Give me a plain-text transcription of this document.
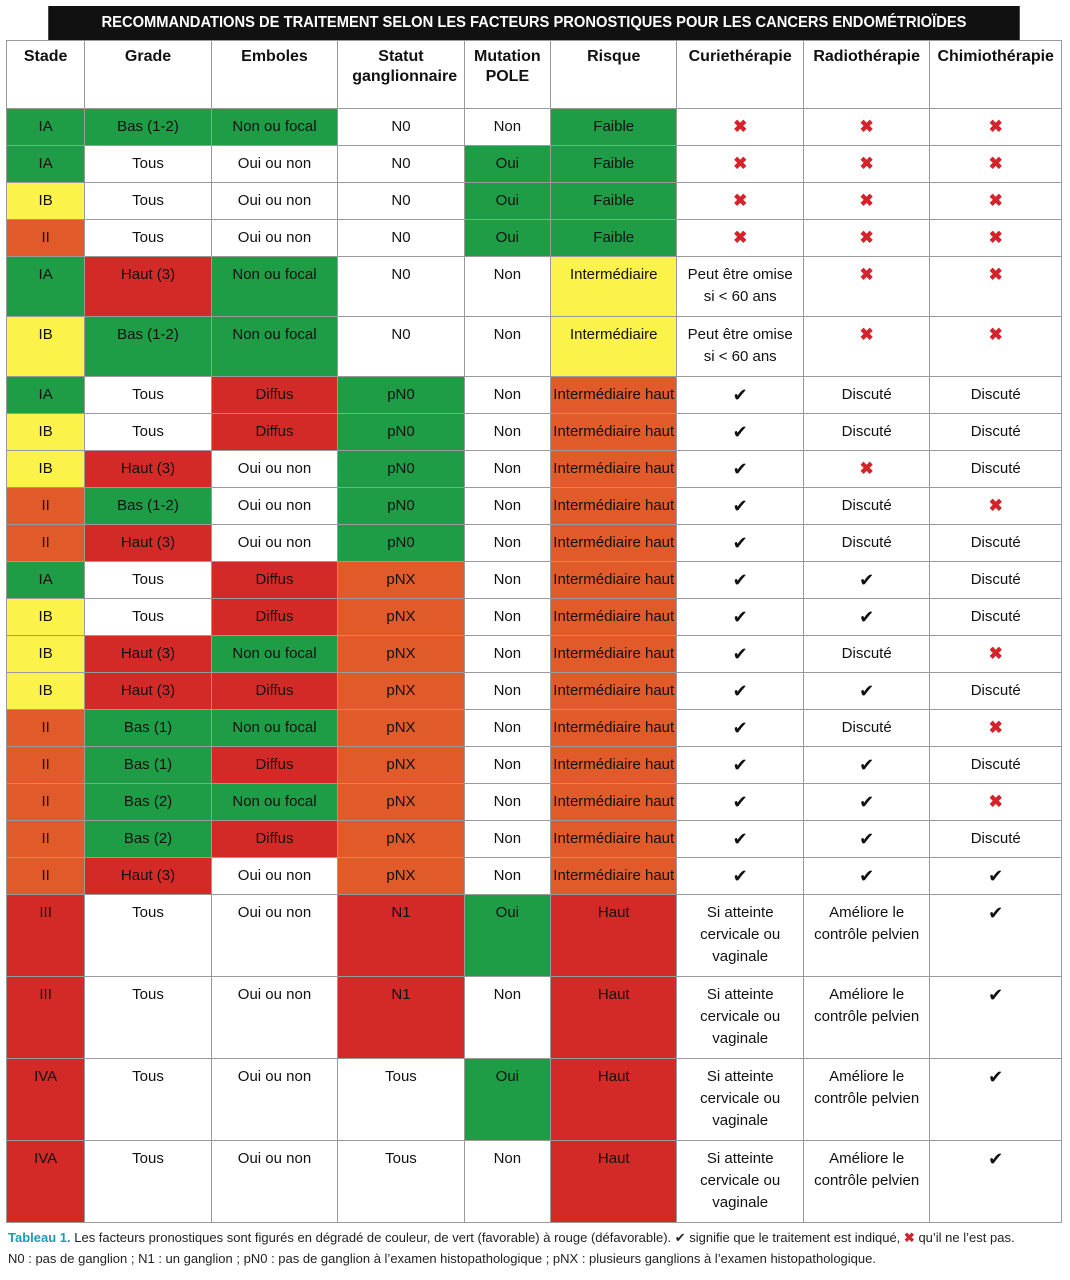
RECOMMANDATIONS DE TRAITEMENT SELON LES FACTEURS PRONOSTIQUES POUR LES CANCERS ENDOMÉTRIOÏDES
Stade	Grade	Emboles	Statut ganglionnaire	Mutation POLE	Risque	Curiethérapie	Radiothérapie	Chimiothérapie
IA	Bas (1-2)	Non ou focal	N0	Non	Faible	✖	✖	✖
IA	Tous	Oui ou non	N0	Oui	Faible	✖	✖	✖
IB	Tous	Oui ou non	N0	Oui	Faible	✖	✖	✖
II	Tous	Oui ou non	N0	Oui	Faible	✖	✖	✖
IA	Haut (3)	Non ou focal	N0	Non	Intermédiaire	Peut être omise
si < 60 ans	✖	✖
IB	Bas (1-2)	Non ou focal	N0	Non	Intermédiaire	Peut être omise
si < 60 ans	✖	✖
IA	Tous	Diffus	pN0	Non	Intermédiaire haut	✔	Discuté	Discuté
IB	Tous	Diffus	pN0	Non	Intermédiaire haut	✔	Discuté	Discuté
IB	Haut (3)	Oui ou non	pN0	Non	Intermédiaire haut	✔	✖	Discuté
II	Bas (1-2)	Oui ou non	pN0	Non	Intermédiaire haut	✔	Discuté	✖
II	Haut (3)	Oui ou non	pN0	Non	Intermédiaire haut	✔	Discuté	Discuté
IA	Tous	Diffus	pNX	Non	Intermédiaire haut	✔	✔	Discuté
IB	Tous	Diffus	pNX	Non	Intermédiaire haut	✔	✔	Discuté
IB	Haut (3)	Non ou focal	pNX	Non	Intermédiaire haut	✔	Discuté	✖
IB	Haut (3)	Diffus	pNX	Non	Intermédiaire haut	✔	✔	Discuté
II	Bas (1)	Non ou focal	pNX	Non	Intermédiaire haut	✔	Discuté	✖
II	Bas (1)	Diffus	pNX	Non	Intermédiaire haut	✔	✔	Discuté
II	Bas (2)	Non ou focal	pNX	Non	Intermédiaire haut	✔	✔	✖
II	Bas (2)	Diffus	pNX	Non	Intermédiaire haut	✔	✔	Discuté
II	Haut (3)	Oui ou non	pNX	Non	Intermédiaire haut	✔	✔	✔
III	Tous	Oui ou non	N1	Oui	Haut	Si atteinte
cervicale ou
vaginale	Améliore le
contrôle pelvien	✔
III	Tous	Oui ou non	N1	Non	Haut	Si atteinte
cervicale ou
vaginale	Améliore le
contrôle pelvien	✔
IVA	Tous	Oui ou non	Tous	Oui	Haut	Si atteinte
cervicale ou
vaginale	Améliore le
contrôle pelvien	✔
IVA	Tous	Oui ou non	Tous	Non	Haut	Si atteinte
cervicale ou
vaginale	Améliore le
contrôle pelvien	✔
Tableau 1. Les facteurs pronostiques sont figurés en dégradé de couleur, de vert (favorable) à rouge (défavorable). ✔ signifie que le traitement est indiqué, ✖ qu’il ne l’est pas.
N0 : pas de ganglion ; N1 : un ganglion ; pN0 : pas de ganglion à l’examen histopathologique ; pNX : plusieurs ganglions à l’examen histopathologique.
